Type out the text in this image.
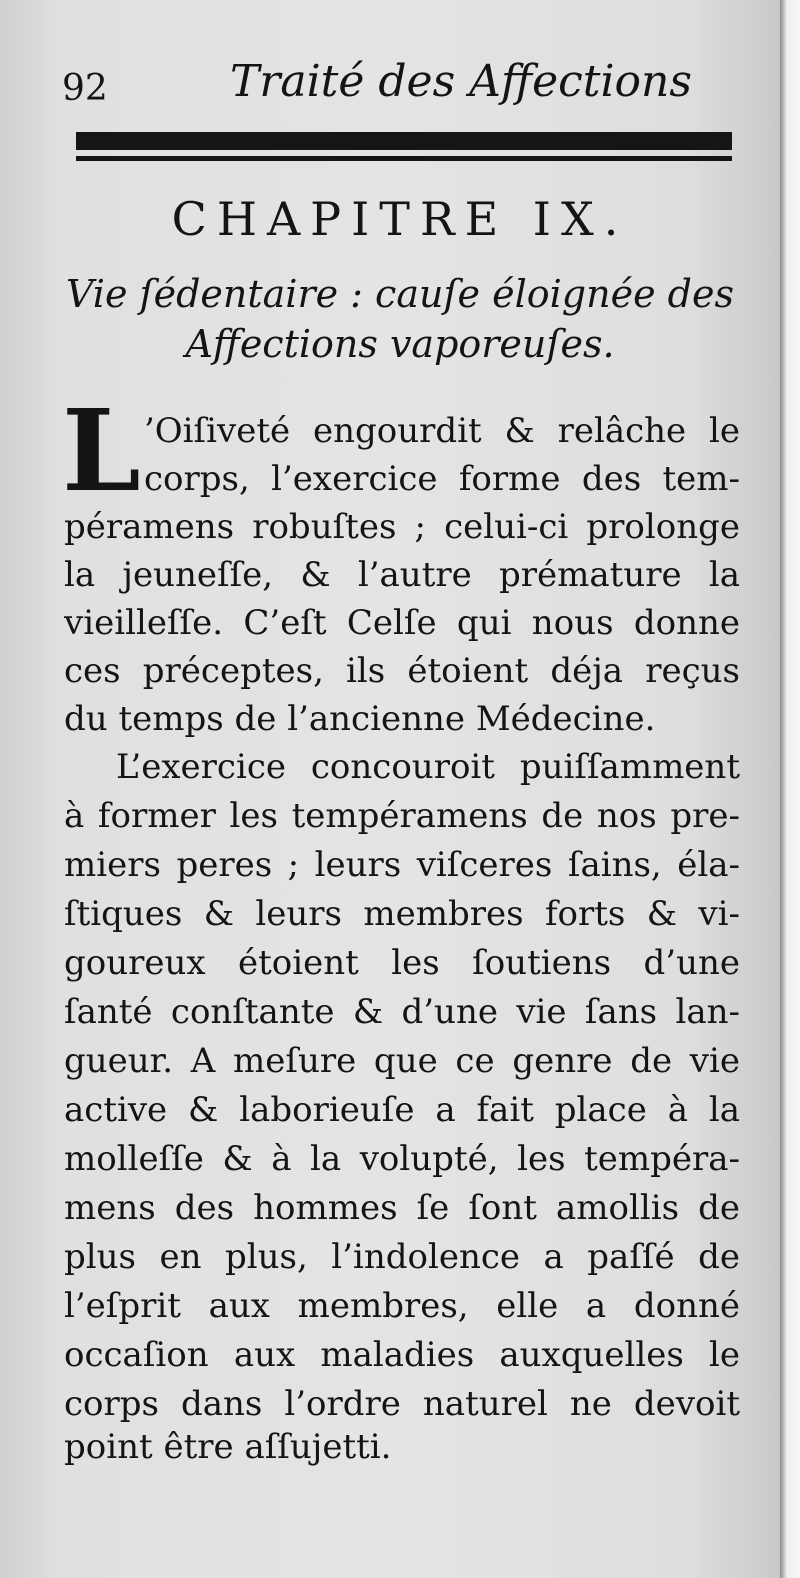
92	Traité des Affections
CHAPITRE IX.
Vie ſédentaire : cauſe éloignée des
Affections vaporeuſes.
L ’Oiſiveté engourdit & relâche le
corps, l’exercice forme des tem-
péramens robuſtes ; celui-ci prolonge
la jeuneſſe, & l’autre prémature la
vieilleſſe. C’eſt Celſe qui nous donne
ces préceptes, ils étoient déja reçus
du temps de l’ancienne Médecine.
L’exercice concouroit puiſſamment
à former les tempéramens de nos pre-
miers peres ; leurs viſceres ſains, éla-
ſtiques & leurs membres forts & vi-
goureux étoient les ſoutiens d’une
ſanté conſtante & d’une vie ſans lan-
gueur. A meſure que ce genre de vie
active & laborieuſe a fait place à la
molleſſe & à la volupté, les tempéra-
mens des hommes ſe ſont amollis de
plus en plus, l’indolence a paſſé de
l’eſprit aux membres, elle a donné
occaſion aux maladies auxquelles le
corps dans l’ordre naturel ne devoit
point être aſſujetti.
